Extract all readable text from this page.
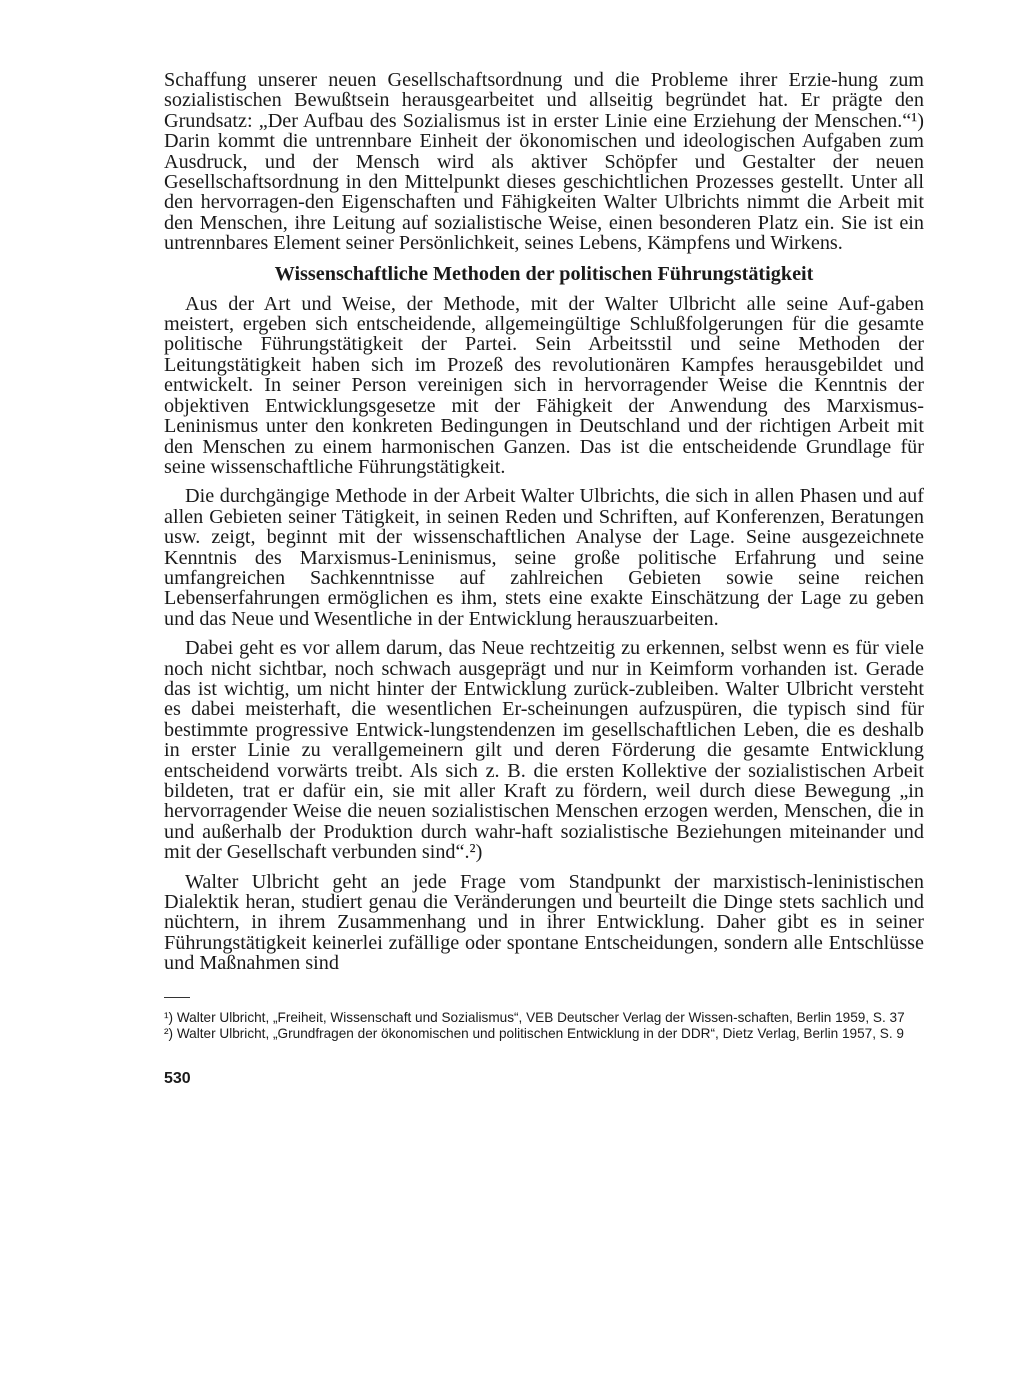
Schaffung unserer neuen Gesellschaftsordnung und die Probleme ihrer Erzie-hung zum sozialistischen Bewußtsein herausgearbeitet und allseitig begründet hat. Er prägte den Grundsatz: „Der Aufbau des Sozialismus ist in erster Linie eine Erziehung der Menschen.“¹) Darin kommt die untrennbare Einheit der ökonomischen und ideologischen Aufgaben zum Ausdruck, und der Mensch wird als aktiver Schöpfer und Gestalter der neuen Gesellschaftsordnung in den Mittelpunkt dieses geschichtlichen Prozesses gestellt. Unter all den hervorragen-den Eigenschaften und Fähigkeiten Walter Ulbrichts nimmt die Arbeit mit den Menschen, ihre Leitung auf sozialistische Weise, einen besonderen Platz ein. Sie ist ein untrennbares Element seiner Persönlichkeit, seines Lebens, Kämpfens und Wirkens.

Wissenschaftliche Methoden der politischen Führungstätigkeit

Aus der Art und Weise, der Methode, mit der Walter Ulbricht alle seine Auf-gaben meistert, ergeben sich entscheidende, allgemeingültige Schlußfolgerungen für die gesamte politische Führungstätigkeit der Partei. Sein Arbeitsstil und seine Methoden der Leitungstätigkeit haben sich im Prozeß des revolutionären Kampfes herausgebildet und entwickelt. In seiner Person vereinigen sich in hervorragender Weise die Kenntnis der objektiven Entwicklungsgesetze mit der Fähigkeit der Anwendung des Marxismus-Leninismus unter den konkreten Bedingungen in Deutschland und der richtigen Arbeit mit den Menschen zu einem harmonischen Ganzen. Das ist die entscheidende Grundlage für seine wissenschaftliche Führungstätigkeit.

Die durchgängige Methode in der Arbeit Walter Ulbrichts, die sich in allen Phasen und auf allen Gebieten seiner Tätigkeit, in seinen Reden und Schriften, auf Konferenzen, Beratungen usw. zeigt, beginnt mit der wissenschaftlichen Analyse der Lage. Seine ausgezeichnete Kenntnis des Marxismus-Leninismus, seine große politische Erfahrung und seine umfangreichen Sachkenntnisse auf zahlreichen Gebieten sowie seine reichen Lebenserfahrungen ermöglichen es ihm, stets eine exakte Einschätzung der Lage zu geben und das Neue und Wesentliche in der Entwicklung herauszuarbeiten.

Dabei geht es vor allem darum, das Neue rechtzeitig zu erkennen, selbst wenn es für viele noch nicht sichtbar, noch schwach ausgeprägt und nur in Keimform vorhanden ist. Gerade das ist wichtig, um nicht hinter der Entwicklung zurück-zubleiben. Walter Ulbricht versteht es dabei meisterhaft, die wesentlichen Er-scheinungen aufzuspüren, die typisch sind für bestimmte progressive Entwick-lungstendenzen im gesellschaftlichen Leben, die es deshalb in erster Linie zu verallgemeinern gilt und deren Förderung die gesamte Entwicklung entscheidend vorwärts treibt. Als sich z. B. die ersten Kollektive der sozialistischen Arbeit bildeten, trat er dafür ein, sie mit aller Kraft zu fördern, weil durch diese Bewegung „in hervorragender Weise die neuen sozialistischen Menschen erzogen werden, Menschen, die in und außerhalb der Produktion durch wahr-haft sozialistische Beziehungen miteinander und mit der Gesellschaft verbunden sind“.²)

Walter Ulbricht geht an jede Frage vom Standpunkt der marxistisch-leninistischen Dialektik heran, studiert genau die Veränderungen und beurteilt die Dinge stets sachlich und nüchtern, in ihrem Zusammenhang und in ihrer Entwicklung. Daher gibt es in seiner Führungstätigkeit keinerlei zufällige oder spontane Entscheidungen, sondern alle Entschlüsse und Maßnahmen sind

¹) Walter Ulbricht, „Freiheit, Wissenschaft und Sozialismus“, VEB Deutscher Verlag der Wissen-schaften, Berlin 1959, S. 37

²) Walter Ulbricht, „Grundfragen der ökonomischen und politischen Entwicklung in der DDR“, Dietz Verlag, Berlin 1957, S. 9

530
